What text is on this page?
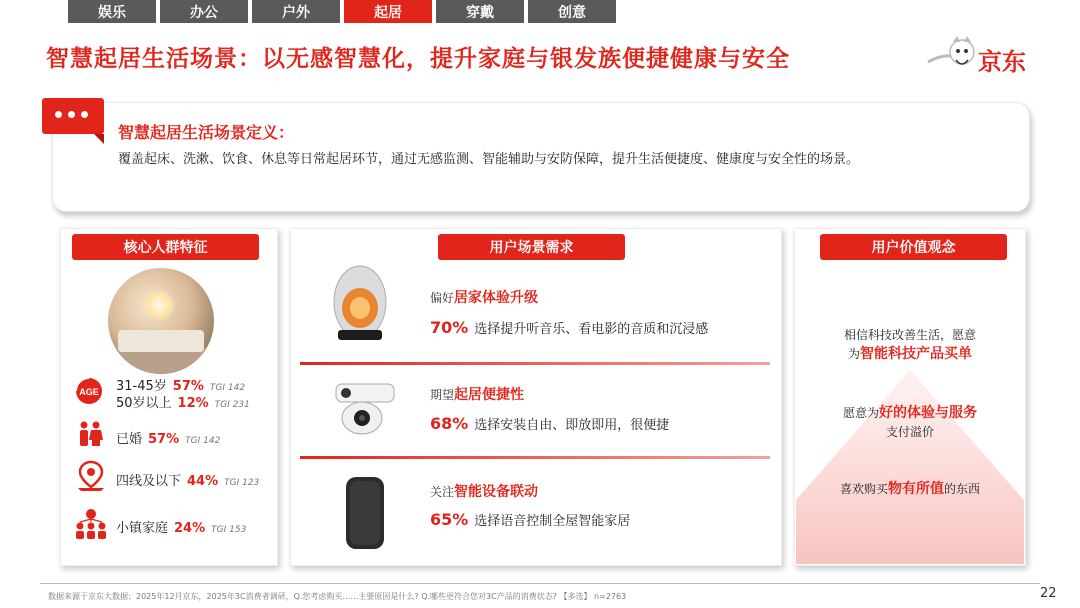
娱乐	办公	户外	起居	穿戴	创意
智慧起居生活场景：以无感智慧化，提升家庭与银发族便捷健康与安全	京东
智慧起居生活场景定义：
覆盖起床、洗漱、饮食、休息等日常起居环节，通过无感监测、智能辅助与安防保障，提升生活便捷度、健康度与安全性的场景。
核心人群特征	用户场景需求	用户价值观念
AGE 31-45岁 57% TGI 142
50岁以上 12% TGI 231
已婚 57% TGI 142
四线及以下 44% TGI 123
小镇家庭 24% TGI 153
偏好居家体验升级
70% 选择提升听音乐、看电影的音质和沉浸感
期望起居便捷性
68% 选择安装自由、即放即用，很便捷
关注智能设备联动
65% 选择语音控制全屋智能家居
相信科技改善生活，愿意
为智能科技产品买单
愿意为好的体验与服务
支付溢价
喜欢购买物有所值的东西
数据来源于京东大数据；2025年12月京东，2025年3C消费者调研，Q.您考虑购买……主要原因是什么? Q.哪些更符合您对3C产品的消费状态? 【多选】 n=2763	22
